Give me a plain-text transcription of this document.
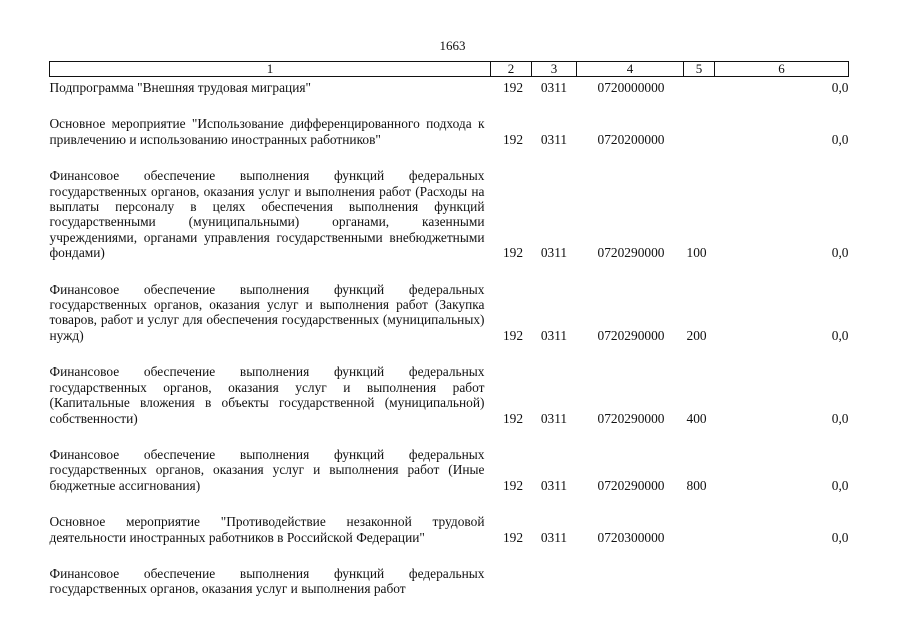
1663
1	2	3	4	5	6
Подпрограмма "Внешняя трудовая миграция"	192	0311	0720000000		0,0
Основное мероприятие "Использование дифференцированного подхода к привлечению и использованию иностранных работников"	192	0311	0720200000		0,0
Финансовое обеспечение выполнения функций федеральных государственных органов, оказания услуг и выполнения работ (Расходы на выплаты персоналу в целях обеспечения выполнения функций государственными (муниципальными) органами, казенными учреждениями, органами управления государственными внебюджетными фондами)	192	0311	0720290000	100	0,0
Финансовое обеспечение выполнения функций федеральных государственных органов, оказания услуг и выполнения работ (Закупка товаров, работ и услуг для обеспечения государственных (муниципальных) нужд)	192	0311	0720290000	200	0,0
Финансовое обеспечение выполнения функций федеральных государственных органов, оказания услуг и выполнения работ (Капитальные вложения в объекты государственной (муниципальной) собственности)	192	0311	0720290000	400	0,0
Финансовое обеспечение выполнения функций федеральных государственных органов, оказания услуг и выполнения работ (Иные бюджетные ассигнования)	192	0311	0720290000	800	0,0
Основное мероприятие "Противодействие незаконной трудовой деятельности иностранных работников в Российской Федерации"	192	0311	0720300000		0,0
Финансовое обеспечение выполнения функций федеральных государственных органов, оказания услуг и выполнения работ					
